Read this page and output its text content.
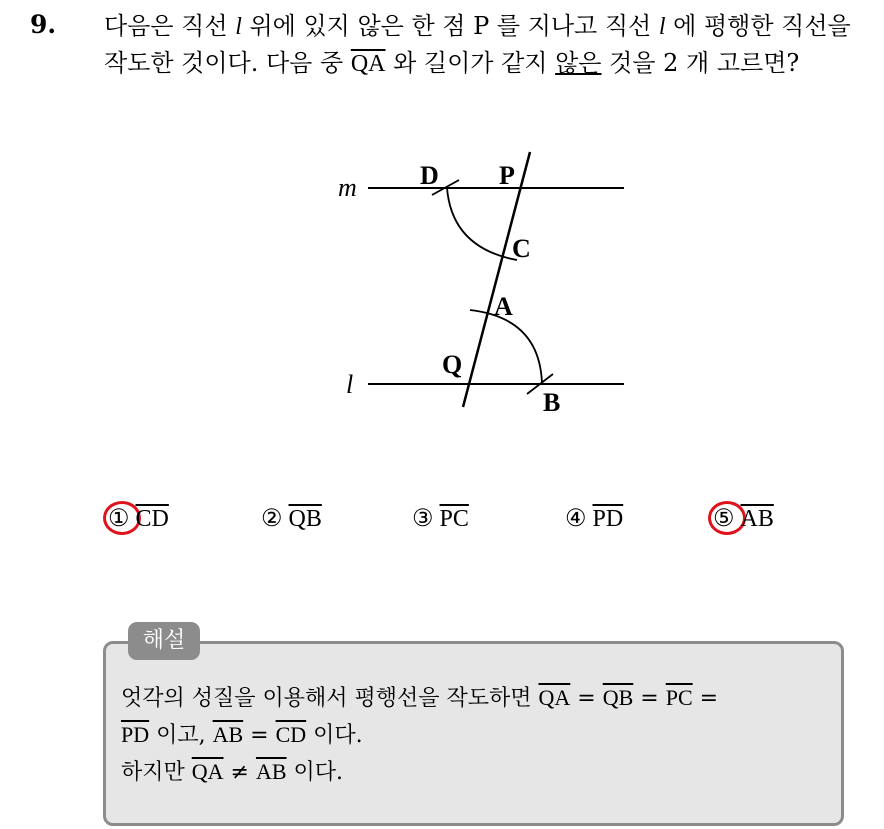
9. 다음은 직선 l 위에 있지 않은 한 점 P 를 지나고 직선 l 에 평행한 직선을 작도한 것이다. 다음 중 $\overline{QA}$ 와 길이가 같지 않은 것을 2 개 고르면?
m
l
D P
C
A
Q
B
① $\overline{CD}$	② $\overline{QB}$	③ $\overline{PC}$	④ $\overline{PD}$	⑤ $\overline{AB}$
해설
엇각의 성질을 이용해서 평행선을 작도하면 $\overline{QA} = \overline{QB} = \overline{PC}$ =
$\overline{PD}$ 이고, $\overline{AB} = \overline{CD}$ 이다.
하지만 $\overline{QA} \ne \overline{AB}$ 이다.
